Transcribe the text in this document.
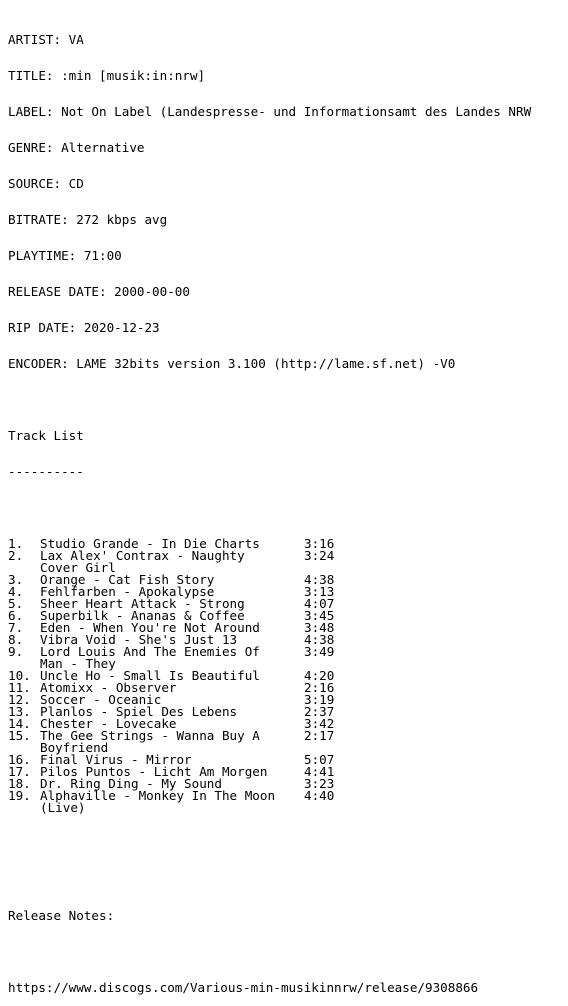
ARTIST: VA

TITLE: :min [musik:in:nrw]

LABEL: Not On Label (Landespresse- und Informationsamt des Landes NRW

GENRE: Alternative

SOURCE: CD

BITRATE: 272 kbps avg

PLAYTIME: 71:00

RELEASE DATE: 2000-00-00

RIP DATE: 2020-12-23

ENCODER: LAME 32bits version 3.100 (http://lame.sf.net) -V0

Track List

----------

1.	Studio Grande - In Die Charts	3:16
2.	Lax Alex' Contrax - Naughty	3:24
Cover Girl
3.	Orange - Cat Fish Story	4:38
4.	Fehlfarben - Apokalypse	3:13
5.	Sheer Heart Attack - Strong	4:07
6.	Superbilk - Ananas & Coffee	3:45
7.	Eden - When You're Not Around	3:48
8.	Vibra Void - She's Just 13	4:38
9.	Lord Louis And The Enemies Of	3:49
Man - They
10. Uncle Ho - Small Is Beautiful	4:20
11. Atomixx - Observer	2:16
12. Soccer - Oceanic	3:19
13. Planlos - Spiel Des Lebens	2:37
14. Chester - Lovecake	3:42
15. The Gee Strings - Wanna Buy A	2:17
Boyfriend
16. Final Virus - Mirror	5:07
17. Pilos Puntos - Licht Am Morgen	4:41
18. Dr. Ring Ding - My Sound	3:23
19. Alphaville - Monkey In The Moon	4:40
(Live)

Release Notes:

https://www.discogs.com/Various-min-musikinnrw/release/9308866
